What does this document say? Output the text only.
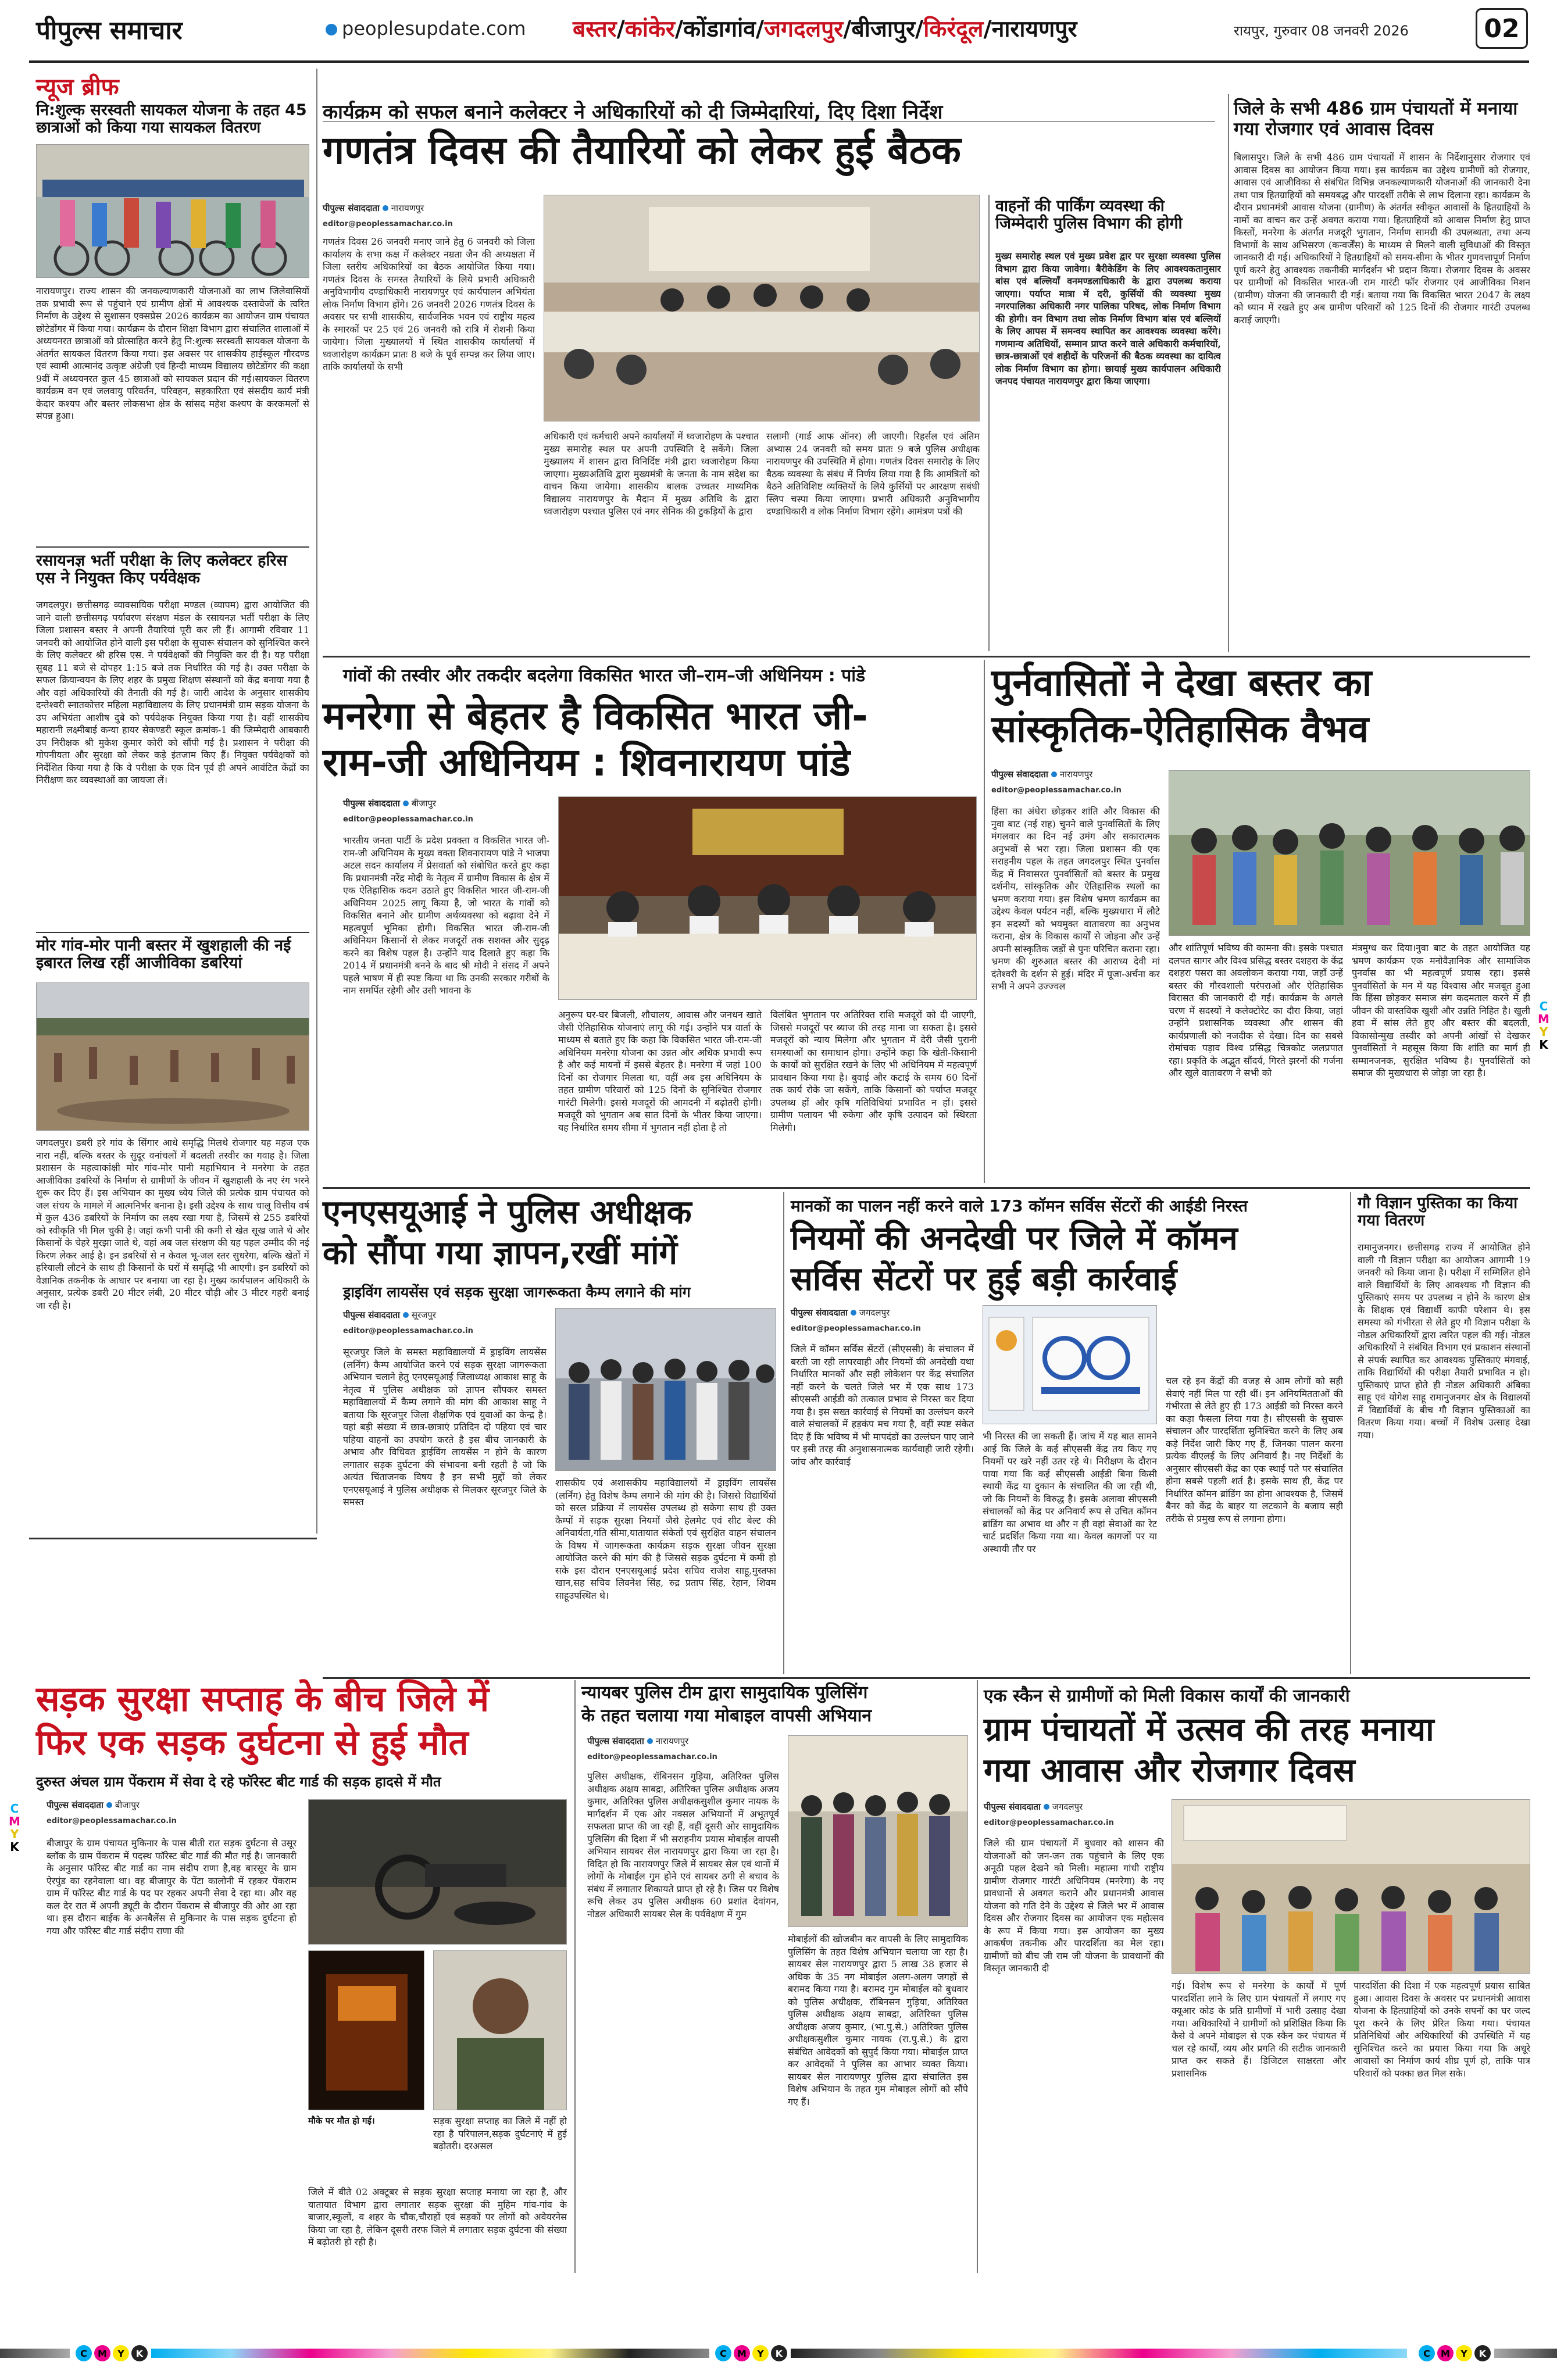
पीपुल्स समाचार	peoplesupdate.com बस्तर/कांकेर/कोंडागांव/जगदलपुर/बीजापुर/किरंदूल/नारायणपुर	रायपुर, गुरुवार 08 जनवरी 2026	02
न्यूज ब्रीफ
नि:शुल्क सरस्वती सायकल योजना के तहत 45 छात्राओं को किया गया सायकल वितरण
नारायणपुर। राज्य शासन की जनकल्याणकारी योजनाओं का लाभ जिलेवासियों तक प्रभावी रूप से पहुंचाने एवं ग्रामीण क्षेत्रों में आवश्यक दस्तावेजों के त्वरित निर्माण के उद्देश्य से सुशासन एक्सप्रेस 2026 कार्यक्रम का आयोजन ग्राम पंचायत छोटेडोंगर में किया गया। कार्यक्रम के दौरान शिक्षा विभाग द्वारा संचालित शालाओं में अध्ययनरत छात्राओं को प्रोत्साहित करने हेतु नि:शुल्क सरस्वती सायकल योजना के अंतर्गत सायकल वितरण किया गया। इस अवसर पर शासकीय हाईस्कूल गौरदण्ड एवं स्वामी आत्मानंद उत्कृष्ट अंग्रेजी एवं हिन्दी माध्यम विद्यालय छोटेडोंगर की कक्षा 9वीं में अध्ययनरत कुल 45 छात्राओं को सायकल प्रदान की गई।सायकल वितरण कार्यक्रम वन एवं जलवायु परिवर्तन, परिवहन, सहकारिता एवं संसदीय कार्य मंत्री केदार कश्यप और बस्तर लोकसभा क्षेत्र के सांसद महेश कश्यप के करकमलों से संपन्न हुआ।
रसायनज्ञ भर्ती परीक्षा के लिए कलेक्टर हरिस एस ने नियुक्त किए पर्यवेक्षक
जगदलपुर। छत्तीसगढ़ व्यावसायिक परीक्षा मण्डल (व्यापम) द्वारा आयोजित की जाने वाली छत्तीसगढ़ पर्यावरण संरक्षण मंडल के रसायनज्ञ भर्ती परीक्षा के लिए जिला प्रशासन बस्तर ने अपनी तैयारियां पूरी कर ली हैं। आगामी रविवार 11 जनवरी को आयोजित होने वाली इस परीक्षा के सुचारू संचालन को सुनिश्चित करने के लिए कलेक्टर श्री हरिस एस. ने पर्यवेक्षकों की नियुक्ति कर दी है। यह परीक्षा सुबह 11 बजे से दोपहर 1:15 बजे तक निर्धारित की गई है। उक्त परीक्षा के सफल क्रियान्वयन के लिए शहर के प्रमुख शिक्षण संस्थानों को केंद्र बनाया गया है और वहां अधिकारियों की तैनाती की गई है। जारी आदेश के अनुसार शासकीय दन्तेश्वरी स्नातकोत्तर महिला महाविद्यालय के लिए प्रधानमंत्री ग्राम सड़क योजना के उप अभियंता आशीष दुबे को पर्यवेक्षक नियुक्त किया गया है। वहीं शासकीय महारानी लक्ष्मीबाई कन्या हायर सेकण्डरी स्कूल क्रमांक-1 की जिम्मेदारी आबकारी उप निरीक्षक श्री मुकेश कुमार कोरी को सौंपी गई है। प्रशासन ने परीक्षा की गोपनीयता और सुरक्षा को लेकर कड़े इंतजाम किए हैं। नियुक्त पर्यवेक्षकों को निर्देशित किया गया है कि वे परीक्षा के एक दिन पूर्व ही अपने आवंटित केंद्रों का निरीक्षण कर व्यवस्थाओं का जायजा लें।
मोर गांव-मोर पानी बस्तर में खुशहाली की नई इबारत लिख रहीं आजीविका डबरियां
जगदलपुर। डबरी हरे गांव के सिंगार आधे समृद्धि मिलथे रोजगार यह महज एक नारा नहीं, बल्कि बस्तर के सुदूर वनांचलों में बदलती तस्वीर का गवाह है। जिला प्रशासन के महत्वाकांक्षी मोर गांव-मोर पानी महाभियान ने मनरेगा के तहत आजीविका डबरियों के निर्माण से ग्रामीणों के जीवन में खुशहाली के नए रंग भरने शुरू कर दिए हैं। इस अभियान का मुख्य ध्येय जिले की प्रत्येक ग्राम पंचायत को जल संचय के मामले में आत्मनिर्भर बनाना है। इसी उद्देश्य के साथ चालू वित्तीय वर्ष में कुल 436 डबरियों के निर्माण का लक्ष्य रखा गया है, जिसमें से 255 डबरियों को स्वीकृति भी मिल चुकी है। जहां कभी पानी की कमी से खेत सूख जाते थे और किसानों के चेहरे मुरझा जाते थे, वहां अब जल संरक्षण की यह पहल उम्मीद की नई किरण लेकर आई है। इन डबरियों से न केवल भू-जल स्तर सुधरेगा, बल्कि खेतों में हरियाली लौटने के साथ ही किसानों के घरों में समृद्धि भी आएगी। इन डबरियों को वैज्ञानिक तकनीक के आधार पर बनाया जा रहा है। मुख्य कार्यपालन अधिकारी के अनुसार, प्रत्येक डबरी 20 मीटर लंबी, 20 मीटर चौड़ी और 3 मीटर गहरी बनाई जा रही है।
कार्यक्रम को सफल बनाने कलेक्टर ने अधिकारियों को दी जिम्मेदारियां, दिए दिशा निर्देश
गणतंत्र दिवस की तैयारियों को लेकर हुई बैठक
पीपुल्स संवाददाता नारायणपुर
editor@peoplessamachar.co.in
गणतंत्र दिवस 26 जनवरी मनाए जाने हेतु 6 जनवरी को जिला कार्यालय के सभा कक्ष में कलेक्टर नम्रता जैन की अध्यक्षता में जिला स्तरीय अधिकारियों का बैठक आयोजित किया गया। गणतंत्र दिवस के समस्त तैयारियों के लिये प्रभारी अधिकारी अनुविभागीय दण्डाधिकारी नारायणपुर एवं कार्यपालन अभियंता लोक निर्माण विभाग होंगे। 26 जनवरी 2026 गणतंत्र दिवस के अवसर पर सभी शासकीय, सार्वजनिक भवन एवं राष्ट्रीय महत्व के स्मारकों पर 25 एवं 26 जनवरी को रात्रि में रोशनी किया जायेगा। जिला मुख्यालयों में स्थित शासकीय कार्यालयों में ध्वजारोहण कार्यक्रम प्रातः 8 बजे के पूर्व सम्पन्न कर लिया जाए। ताकि कार्यालयों के सभी
अधिकारी एवं कर्मचारी अपने कार्यालयों में ध्वजारोहण के पश्चात मुख्य समारोह स्थल पर अपनी उपस्थिति दे सकेंगे। जिला मुख्यालय में शासन द्वारा विनिर्दिष्ट मंत्री द्वारा ध्वजारोहण किया जाएगा। मुख्यअतिथि द्वारा मुख्यमंत्री के जनता के नाम संदेश का वाचन किया जायेगा। शासकीय बालक उच्चतर माध्यमिक विद्यालय नारायणपुर के मैदान में मुख्य अतिथि के द्वारा ध्वजारोहण पश्चात पुलिस एवं नगर सेनिक की टुकड़ियों के द्वारा
सलामी (गार्ड आफ ऑनर) ली जाएगी। रिहर्सल एवं अंतिम अभ्यास 24 जनवरी को समय प्रातः 9 बजे पुलिस अधीक्षक नारायणपुर की उपस्थिति में होगा। गणतंत्र दिवस समारोह के लिए बैठक व्यवस्था के संबंध में निर्णय लिया गया है कि आमंत्रितों को बैठने अतिविशिष्ट व्यक्तियों के लिये कुर्सियों पर आरक्षण सबंधी स्लिप चस्पा किया जाएगा। प्रभारी अधिकारी अनुविभागीय दण्डाधिकारी व लोक निर्माण विभाग रहेंगे। आमंत्रण पत्रों की
वाहनों की पार्किंग व्यवस्था की जिम्मेदारी पुलिस विभाग की होगी
मुख्य समारोह स्थल एवं मुख्य प्रवेश द्वार पर सुरक्षा व्यवस्था पुलिस विभाग द्वारा किया जावेगा। बैरीकेडिंग के लिए आवश्यकतानुसार बांस एवं बल्लियाँ वनमण्डलाधिकारी के द्वारा उपलब्ध कराया जाएगा। पर्याप्त मात्रा में दरी, कुर्सियों की व्यवस्था मुख्य नगरपालिका अधिकारी नगर पालिका परिषद, लोक निर्माण विभाग की होगी। वन विभाग तथा लोक निर्माण विभाग बांस एवं बल्लियों के लिए आपस में समन्वय स्थापित कर आवश्यक व्यवस्था करेंगे। गणमान्य अतिथियों, सम्मान प्राप्त करने वाले अधिकारी कर्मचारियों, छात्र-छात्राओं एवं शहीदों के परिजनों की बैठक व्यवस्था का दायित्व लोक निर्माण विभाग का होगा। छायाई मुख्य कार्यपालन अधिकारी जनपद पंचायत नारायणपुर द्वारा किया जाएगा।
जिले के सभी 486 ग्राम पंचायतों में मनाया गया रोजगार एवं आवास दिवस
बिलासपुर। जिले के सभी 486 ग्राम पंचायतों में शासन के निर्देशानुसार रोजगार एवं आवास दिवस का आयोजन किया गया। इस कार्यक्रम का उद्देश्य ग्रामीणों को रोजगार, आवास एवं आजीविका से संबंधित विभिन्न जनकल्याणकारी योजनाओं की जानकारी देना तथा पात्र हितग्राहियों को समयबद्ध और पारदर्शी तरीके से लाभ दिलाना रहा। कार्यक्रम के दौरान प्रधानमंत्री आवास योजना (ग्रामीण) के अंतर्गत स्वीकृत आवासों के हितग्राहियों के नामों का वाचन कर उन्हें अवगत कराया गया। हितग्राहियों को आवास निर्माण हेतु प्राप्त किस्तों, मनरेगा के अंतर्गत मजदूरी भुगतान, निर्माण सामग्री की उपलब्धता, तथा अन्य विभागों के साथ अभिसरण (कन्वर्जेंस) के माध्यम से मिलने वाली सुविधाओं की विस्तृत जानकारी दी गई। अधिकारियों ने हितग्राहियों को समय-सीमा के भीतर गुणवत्तापूर्ण निर्माण पूर्ण करने हेतु आवश्यक तकनीकी मार्गदर्शन भी प्रदान किया। रोजगार दिवस के अवसर पर ग्रामीणों को विकसित भारत-जी राम गारंटी फॉर रोजगार एवं आजीविका मिशन (ग्रामीण) योजना की जानकारी दी गई। बताया गया कि विकसित भारत 2047 के लक्ष्य को ध्यान में रखते हुए अब ग्रामीण परिवारों को 125 दिनों की रोजगार गारंटी उपलब्ध कराई जाएगी।
गांवों की तस्वीर और तकदीर बदलेगा विकसित भारत जी–राम–जी अधिनियम : पांडे
मनरेगा से बेहतर है विकसित भारत जी-
राम-जी अधिनियम : शिवनारायण पांडे
पीपुल्स संवाददाता बीजापुर
editor@peoplessamachar.co.in
भारतीय जनता पार्टी के प्रदेश प्रवक्ता व विकसित भारत जी-राम-जी अधिनियम के मुख्य वक्ता शिवनारायण पांडे ने भाजपा अटल सदन कार्यालय में प्रेसवार्ता को संबोधित करते हुए कहा कि प्रधानमंत्री नरेंद्र मोदी के नेतृत्व में ग्रामीण विकास के क्षेत्र में एक ऐतिहासिक कदम उठाते हुए विकसित भारत जी-राम-जी अधिनियम 2025 लागू किया है, जो भारत के गांवों को विकसित बनाने और ग्रामीण अर्थव्यवस्था को बढ़ावा देने में महत्वपूर्ण भूमिका होगी। विकसित भारत जी-राम-जी अधिनियम किसानों से लेकर मजदूरों तक सशक्त और सुदृढ़ करने का विशेष पहल है। उन्होंने याद दिलाते हुए कहा कि 2014 में प्रधानमंत्री बनने के बाद श्री मोदी ने संसद में अपने पहले भाषण में ही स्पष्ट किया था कि उनकी सरकार गरीबों के नाम समर्पित रहेगी और उसी भावना के
अनुरूप घर-घर बिजली, शौचालय, आवास और जनधन खाते जैसी ऐतिहासिक योजनाएं लागू की गई। उन्होंने पत्र वार्ता के माध्यम से बताते हुए कि कहा कि विकसित भारत जी-राम-जी अधिनियम मनरेगा योजना का उन्नत और अधिक प्रभावी रूप है और कई मायनों में इससे बेहतर है। मनरेगा में जहां 100 दिनों का रोजगार मिलता था, वहीं अब इस अधिनियम के तहत ग्रामीण परिवारों को 125 दिनों के सुनिश्चित रोजगार गारंटी मिलेगी। इससे मजदूरों की आमदनी में बढ़ोतरी होगी। मजदूरी को भुगतान अब सात दिनों के भीतर किया जाएगा। यह निर्धारित समय सीमा में भुगतान नहीं होता है तो
विलंबित भुगतान पर अतिरिक्त राशि मजदूरों को दी जाएगी, जिससे मजदूरों पर ब्याज की तरह माना जा सकता है। इससे मजदूरों को न्याय मिलेगा और भुगतान में देरी जैसी पुरानी समस्याओं का समाधान होगा। उन्होंने कहा कि खेती-किसानी के कार्यों को सुरक्षित रखने के लिए भी अधिनियम में महत्वपूर्ण प्रावधान किया गया है। बुवाई और कटाई के समय 60 दिनों तक कार्य रोके जा सकेंगे, ताकि किसानों को पर्याप्त मजदूर उपलब्ध हों और कृषि गतिविधियां प्रभावित न हों। इससे ग्रामीण पलायन भी रुकेगा और कृषि उत्पादन को स्थिरता मिलेगी।
पुर्नवासितों ने देखा बस्तर का
सांस्कृतिक-ऐतिहासिक वैभव
पीपुल्स संवाददाता नारायणपुर
editor@peoplessamachar.co.in
हिंसा का अंधेरा छोड़कर शांति और विकास की नुवा बाट (नई राह) चुनने वाले पुनर्वासितों के लिए मंगलवार का दिन नई उमंग और सकारात्मक अनुभवों से भरा रहा। जिला प्रशासन की एक सराहनीय पहल के तहत जगदलपुर स्थित पुनर्वास केंद्र में निवासरत पुनर्वासितों को बस्तर के प्रमुख दर्शनीय, सांस्कृतिक और ऐतिहासिक स्थलों का भ्रमण कराया गया। इस विशेष भ्रमण कार्यक्रम का उद्देश्य केवल पर्यटन नहीं, बल्कि मुख्यधारा में लौटे इन सदस्यों को भयमुक्त वातावरण का अनुभव कराना, क्षेत्र के विकास कार्यों से जोड़ना और उन्हें अपनी सांस्कृतिक जड़ों से पुनः परिचित कराना रहा। भ्रमण की शुरुआत बस्तर की आराध्य देवी मां दंतेश्वरी के दर्शन से हुई। मंदिर में पूजा-अर्चना कर सभी ने अपने उज्ज्वल
और शांतिपूर्ण भविष्य की कामना की। इसके पश्चात दलपत सागर और विश्व प्रसिद्ध बस्तर दशहरा के केंद्र दशहरा पसरा का अवलोकन कराया गया, जहाँ उन्हें बस्तर की गौरवशाली परंपराओं और ऐतिहासिक विरासत की जानकारी दी गई। कार्यक्रम के अगले चरण में सदस्यों ने कलेक्टोरेट का दौरा किया, जहां उन्होंने प्रशासनिक व्यवस्था और शासन की कार्यप्रणाली को नजदीक से देखा। दिन का सबसे रोमांचक पड़ाव विश्व प्रसिद्ध चित्रकोट जलप्रपात रहा। प्रकृति के अद्भुत सौंदर्य, गिरते झरनों की गर्जना और खुले वातावरण ने सभी को
मंत्रमुग्ध कर दिया।नुवा बाट के तहत आयोजित यह भ्रमण कार्यक्रम एक मनोवैज्ञानिक और सामाजिक पुनर्वास का भी महत्वपूर्ण प्रयास रहा। इससे पुनर्वासितों के मन में यह विश्वास और मजबूत हुआ कि हिंसा छोड़कर समाज संग कदमताल करने में ही जीवन की वास्तविक खुशी और उन्नति निहित है। खुली हवा में सांस लेते हुए और बस्तर की बदलती, विकासोन्मुख तस्वीर को अपनी आंखों से देखकर पुनर्वासितों ने महसूस किया कि शांति का मार्ग ही सम्मानजनक, सुरक्षित भविष्य है। पुनर्वासितों को समाज की मुख्यधारा से जोड़ा जा रहा है।
एनएसयूआई ने पुलिस अधीक्षक
को सौंपा गया ज्ञापन,रखीं मांगें
ड्राइविंग लायसेंस एवं सड़क सुरक्षा जागरूकता कैम्प लगाने की मांग
पीपुल्स संवाददाता सूरजपुर
editor@peoplessamachar.co.in
सूरजपुर जिले के समस्त महाविद्यालयों में ड्राइविंग लायसेंस (लर्निंग) कैम्प आयोजित करने एवं सड़क सुरक्षा जागरूकता अभियान चलाने हेतु एनएसयूआई जिलाध्यक्ष आकाश साहू के नेतृत्व में पुलिस अधीक्षक को ज्ञापन सौंपकर समस्त महाविद्यालयों में कैम्प लगाने की मांग की आकाश साहू ने बताया कि सूरजपुर जिला शैक्षणिक एवं युवाओं का केन्द्र है। यहां बड़ी संख्या में छात्र-छात्राएं प्रतिदिन दो पहिया एवं चार पहिया वाहनों का उपयोग करते है इस बीच जानकारी के अभाव और विधिवत ड्राईविंग लायसेंस न होने के कारण लगातार सड़क दुर्घटना की संभावना बनी रहती है जो कि अत्यंत चिंताजनक विषय है इन सभी मुद्दों को लेकर एनएसयूआई ने पुलिस अधीक्षक से मिलकर सूरजपुर जिले के समस्त
शासकीय एवं अशासकीय महाविद्यालयों में ड्राइविंग लायसेंस (लर्निंग) हेतु विशेष कैम्प लगाने की मांग की है। जिससे विद्यार्थियों को सरल प्रक्रिया में लायसेंस उपलब्ध हो सकेगा साथ ही उक्त कैम्पों में सड़क सुरक्षा नियमों जैसे हेलमेट एवं सीट बेल्ट की अनिवार्यता,गति सीमा,यातायात संकेतों एवं सुरक्षित वाहन संचालन के विषय में जागरूकता कार्यक्रम सड़क सुरक्षा जीवन सुरक्षा आयोजित करने की मांग की है जिससे सड़क दुर्घटना में कमी हो सके इस दौरान एनएसयूआई प्रदेश सचिव राजेश साहू,मुस्तफा खान,सह सचिव लिवनेश सिंह, रुद्र प्रताप सिंह, रेहान, शिवम साहूउपस्थित थे।
मानकों का पालन नहीं करने वाले 173 कॉमन सर्विस सेंटरों की आईडी निरस्त
नियमों की अनदेखी पर जिले में कॉमन
सर्विस सेंटरों पर हुई बड़ी कार्रवाई
पीपुल्स संवाददाता जगदलपुर
editor@peoplessamachar.co.in
जिले में कॉमन सर्विस सेंटरों (सीएससी) के संचालन में बरती जा रही लापरवाही और नियमों की अनदेखी यथा निर्धारित मानकों और सही लोकेशन पर केंद्र संचालित नहीं करने के चलते जिले भर में एक साथ 173 सीएससी आईडी को तत्काल प्रभाव से निरस्त कर दिया गया है। इस सख्त कार्रवाई से नियमों का उल्लंघन करने वाले संचालकों में हड़कंप मच गया है, वहीं स्पष्ट संकेत दिए हैं कि भविष्य में भी मापदंडों का उल्लंघन पाए जाने पर इसी तरह की अनुशासनात्मक कार्यवाही जारी रहेगी। जांच और कार्रवाई
भी निरस्त की जा सकती हैं। जांच में यह बात सामने आई कि जिले के कई सीएससी केंद्र तय किए गए नियमों पर खरे नहीं उतर रहे थे। निरीक्षण के दौरान पाया गया कि कई सीएससी आईडी बिना किसी स्थायी केंद्र या दुकान के संचालित की जा रही थी, जो कि नियमों के विरुद्ध है। इसके अलावा सीएससी संचालकों को केंद्र पर अनिवार्य रूप से उचित कॉमन ब्रांडिंग का अभाव था और न ही वहां सेवाओं का रेट चार्ट प्रदर्शित किया गया था। केवल कागजों पर या अस्थायी तौर पर
चल रहे इन केंद्रों की वजह से आम लोगों को सही सेवाएं नहीं मिल पा रही थीं। इन अनियमितताओं की गंभीरता से लेते हुए ही 173 आईडी को निरस्त करने का कड़ा फैसला लिया गया है। सीएससी के सुचारू संचालन और पारदर्शिता सुनिश्चित करने के लिए अब कड़े निर्देश जारी किए गए हैं, जिनका पालन करना प्रत्येक वीएलई के लिए अनिवार्य है। नए निर्देशों के अनुसार सीएससी केंद्र का एक स्थाई पते पर संचालित होना सबसे पहली शर्त है। इसके साथ ही, केंद्र पर निर्धारित कॉमन ब्रांडिंग का होना आवश्यक है, जिसमें बैनर को केंद्र के बाहर या लटकाने के बजाय सही तरीके से प्रमुख रूप से लगाना होगा।
गौ विज्ञान पुस्तिका का किया गया वितरण
रामानुजनगर। छत्तीसगढ़ राज्य में आयोजित होने वाली गौ विज्ञान परीक्षा का आयोजन आगामी 19 जनवरी को किया जाना है। परीक्षा में सम्मिलित होने वाले विद्यार्थियों के लिए आवश्यक गौ विज्ञान की पुस्तिकाएं समय पर उपलब्ध न होने के कारण क्षेत्र के शिक्षक एवं विद्यार्थी काफी परेशान थे। इस समस्या को गंभीरता से लेते हुए गौ विज्ञान परीक्षा के नोडल अधिकारियों द्वारा त्वरित पहल की गई। नोडल अधिकारियों ने संबंधित विभाग एवं प्रकाशन संस्थानों से संपर्क स्थापित कर आवश्यक पुस्तिकाएं मंगवाई, ताकि विद्यार्थियों की परीक्षा तैयारी प्रभावित न हो। पुस्तिकाएं प्राप्त होते ही नोडल अधिकारी अंबिका साहू एवं योगेश साहू रामानुजनगर क्षेत्र के विद्यालयों में विद्यार्थियों के बीच गौ विज्ञान पुस्तिकाओं का वितरण किया गया। बच्चों में विशेष उत्साह देखा गया।
सड़क सुरक्षा सप्ताह के बीच जिले में
फिर एक सड़क दुर्घटना से हुई मौत
दुरुस्त अंचल ग्राम पेंकराम में सेवा दे रहे फॉरेस्ट बीट गार्ड की सड़क हादसे में मौत
पीपुल्स संवाददाता बीजापुर
editor@peoplessamachar.co.in
बीजापुर के ग्राम पंचायत मुकिनार के पास बीती रात सड़क दुर्घटना से उसूर ब्लॉक के ग्राम पेंकराम में पदस्थ फॉरेस्ट बीट गार्ड की मौत गई है। जानकारी के अनुसार फॉरेस्ट बीट गार्ड का नाम संदीप राणा है,वह बारसूर के ग्राम ऐरपुंड का रहनेवाला था। वह बीजापुर के पेंटा कालोनी में रहकर पेंकराम ग्राम में फॉरेस्ट बीट गार्ड के पद पर रहकर अपनी सेवा दे रहा था। और वह कल देर रात में अपनी ड्यूटी के दौरान पेंकराम से बीजापुर की ओर आ रहा था। इस दौरान बाईक के अनबैलेंस से मुकिनार के पास सड़क दुर्घटना हो गया और फॉरेस्ट बीट गार्ड संदीप राणा की
मौके पर मौत हो गई।	सड़क सुरक्षा सप्ताह का जिले में नहीं हो रहा है परिपालन,सड़क दुर्घटनाएं में हुई बढ़ोतरी। दरअसल
जिले में बीते 02 अक्टूबर से सड़क सुरक्षा सप्ताह मनाया जा रहा है, और यातायात विभाग द्वारा लगातार सड़क सुरक्षा की मुहिम गांव-गांव के बाजार,स्कूलों, व शहर के चौक,चौराहों एवं सड़कों पर लोगों को अवेयरनेस किया जा रहा है, लेकिन दूसरी तरफ जिले में लगातार सड़क दुर्घटना की संख्या में बढ़ोतरी हो रही है।
न्यायबर पुलिस टीम द्वारा सामुदायिक पुलिसिंग
के तहत चलाया गया मोबाइल वापसी अभियान
पीपुल्स संवाददाता नारायणपुर
editor@peoplessamachar.co.in
पुलिस अधीक्षक, रॉबिनसन गुड़िया, अतिरिक्त पुलिस अधीक्षक अक्षय साबद्रा, अतिरिक्त पुलिस अधीक्षक अजय कुमार, अतिरिक्त पुलिस अधीक्षकसुशील कुमार नायक के मार्गदर्शन में एक ओर नक्सल अभियानों में अभूतपूर्व सफलता प्राप्त की जा रही हैं, वहीं दूसरी ओर सामुदायिक पुलिसिंग की दिशा में भी सराहनीय प्रयास मोबाईल वापसी अभियान सायबर सेल नारायणपुर द्वारा किया जा रहा है। विदित हो कि नारायणपुर जिले में सायबर सेल एवं थानों में लोगों के मोबाईल गुम होने एवं सायबर ठगी से बचाव के संबंध में लगातार शिकायते प्राप्त हो रहे है। जिस पर विशेष रूचि लेकर उप पुलिस अधीक्षक 60 प्रशांत देवांगन, नोडल अधिकारी सायबर सेल के पर्यवेक्षण में गुम
मोबाईलों की खोजबीन कर वापसी के लिए सामुदायिक पुलिसिंग के तहत विशेष अभियान चलाया जा रहा है। सायबर सेल नारायणपुर द्वारा 5 लाख 38 हजार से अधिक के 35 नग मोबाईल अलग-अलग जगहों से बरामद किया गया है। बरामद गुम मोबाईल को बुधवार को पुलिस अधीक्षक, रॉबिनसन गुड़िया, अतिरिक्त पुलिस अधीक्षक अक्षय साबद्रा, अतिरिक्त पुलिस अधीक्षक अजय कुमार, (भा.पु.से.) अतिरिक्त पुलिस अधीक्षकसुशील कुमार नायक (रा.पु.से.) के द्वारा संबंधित आवेदकों को सुपुर्द किया गया। मोबाईल प्राप्त कर आवेदकों ने पुलिस का आभार व्यक्त किया। सायबर सेल नारायणपुर पुलिस द्वारा संचालित इस विशेष अभियान के तहत गुम मोबाइल लोगों को सौंपे गए हैं।
एक स्कैन से ग्रामीणों को मिली विकास कार्यों की जानकारी
ग्राम पंचायतों में उत्सव की तरह मनाया
गया आवास और रोजगार दिवस
पीपुल्स संवाददाता जगदलपुर
editor@peoplessamachar.co.in
जिले की ग्राम पंचायतों में बुधवार को शासन की योजनाओं को जन-जन तक पहुंचाने के लिए एक अनूठी पहल देखने को मिली। महात्मा गांधी राष्ट्रीय ग्रामीण रोजगार गारंटी अधिनियम (मनरेगा) के नए प्रावधानों से अवगत कराने और प्रधानमंत्री आवास योजना को गति देने के उद्देश्य से जिले भर में आवास दिवस और रोजगार दिवस का आयोजन एक महोत्सव के रूप में किया गया। इस आयोजन का मुख्य आकर्षण तकनीक और पारदर्शिता का मेल रहा। ग्रामीणों को बीच जी राम जी योजना के प्रावधानों की विस्तृत जानकारी दी
गई। विशेष रूप से मनरेगा के कार्यों में पूर्ण पारदर्शिता लाने के लिए ग्राम पंचायतों में लगाए गए क्यूआर कोड के प्रति ग्रामीणों में भारी उत्साह देखा गया। अधिकारियों ने ग्रामीणों को प्रशिक्षित किया कि कैसे वे अपने मोबाइल से एक स्कैन कर पंचायत में चल रहे कार्यों, व्यय और प्रगति की सटीक जानकारी प्राप्त कर सकते हैं। डिजिटल साक्षरता और प्रशासनिक
पारदर्शिता की दिशा में एक महत्वपूर्ण प्रयास साबित हुआ। आवास दिवस के अवसर पर प्रधानमंत्री आवास योजना के हितग्राहियों को उनके सपनों का घर जल्द पूरा करने के लिए प्रेरित किया गया। पंचायत प्रतिनिधियों और अधिकारियों की उपस्थिति में यह सुनिश्चित करने का प्रयास किया गया कि अधूरे आवासों का निर्माण कार्य शीघ्र पूर्ण हो, ताकि पात्र परिवारों को पक्का छत मिल सके।
C
M
Y
K
C
M
Y
K
C	M	Y	K	C	M	Y	K	C	M	Y	K
